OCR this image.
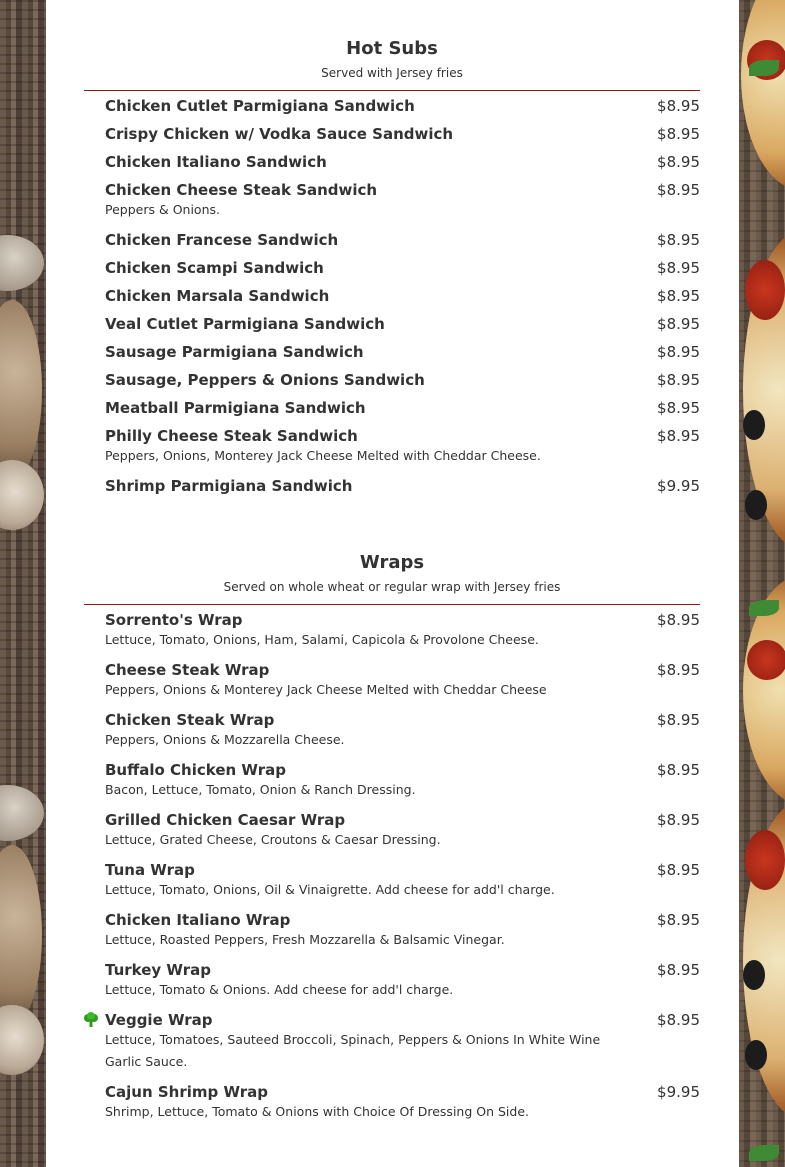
Hot Subs
Served with Jersey fries
Chicken Cutlet Parmigiana Sandwich	$8.95
Crispy Chicken w/ Vodka Sauce Sandwich	$8.95
Chicken Italiano Sandwich	$8.95
Chicken Cheese Steak Sandwich	$8.95
Peppers & Onions.
Chicken Francese Sandwich	$8.95
Chicken Scampi Sandwich	$8.95
Chicken Marsala Sandwich	$8.95
Veal Cutlet Parmigiana Sandwich	$8.95
Sausage Parmigiana Sandwich	$8.95
Sausage, Peppers & Onions Sandwich	$8.95
Meatball Parmigiana Sandwich	$8.95
Philly Cheese Steak Sandwich	$8.95
Peppers, Onions, Monterey Jack Cheese Melted with Cheddar Cheese.
Shrimp Parmigiana Sandwich	$9.95
Wraps
Served on whole wheat or regular wrap with Jersey fries
Sorrento's Wrap	$8.95
Lettuce, Tomato, Onions, Ham, Salami, Capicola & Provolone Cheese.
Cheese Steak Wrap	$8.95
Peppers, Onions & Monterey Jack Cheese Melted with Cheddar Cheese
Chicken Steak Wrap	$8.95
Peppers, Onions & Mozzarella Cheese.
Buffalo Chicken Wrap	$8.95
Bacon, Lettuce, Tomato, Onion & Ranch Dressing.
Grilled Chicken Caesar Wrap	$8.95
Lettuce, Grated Cheese, Croutons & Caesar Dressing.
Tuna Wrap	$8.95
Lettuce, Tomato, Onions, Oil & Vinaigrette. Add cheese for add'l charge.
Chicken Italiano Wrap	$8.95
Lettuce, Roasted Peppers, Fresh Mozzarella & Balsamic Vinegar.
Turkey Wrap	$8.95
Lettuce, Tomato & Onions. Add cheese for add'l charge.
Veggie Wrap	$8.95
Lettuce, Tomatoes, Sauteed Broccoli, Spinach, Peppers & Onions In White Wine Garlic Sauce.
Cajun Shrimp Wrap	$9.95
Shrimp, Lettuce, Tomato & Onions with Choice Of Dressing On Side.
